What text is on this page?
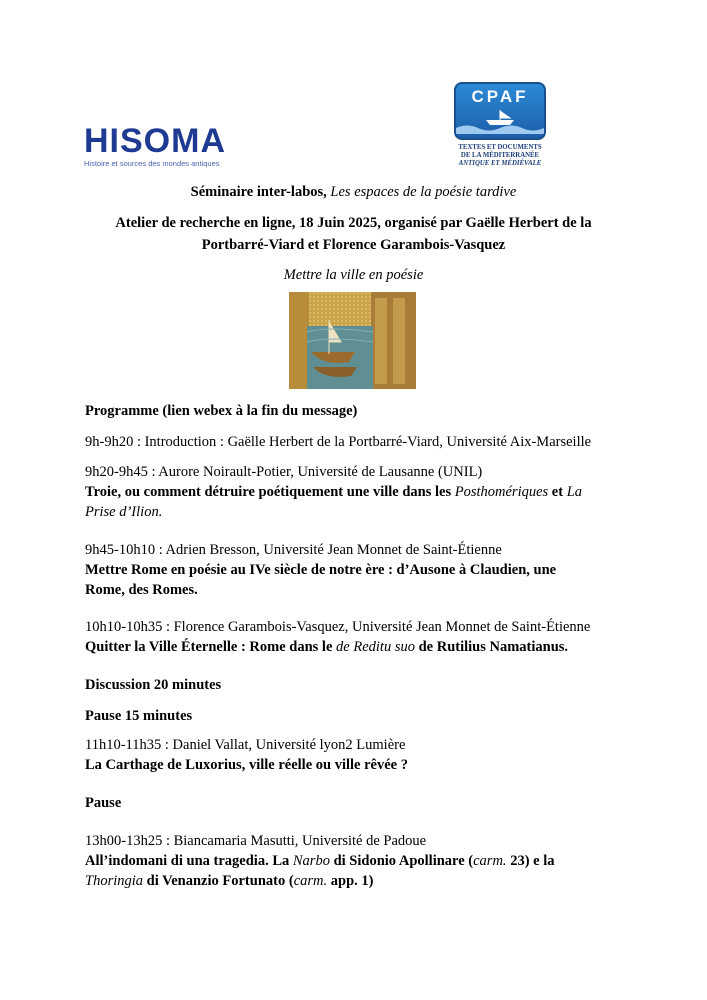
HISOMA
Histoire et sources des mondes antiques
CPAF
TEXTES ET DOCUMENTS
DE LA MÉDITERRANÉE
ANTIQUE ET MÉDIÉVALE
Séminaire inter-labos, Les espaces de la poésie tardive
Atelier de recherche en ligne, 18 Juin 2025, organisé par Gaëlle Herbert de la
Portbarré-Viard et Florence Garambois-Vasquez
Mettre la ville en poésie
Programme (lien webex à la fin du message)
9h-9h20 : Introduction : Gaëlle Herbert de la Portbarré-Viard, Université Aix-Marseille
9h20-9h45 : Aurore Noirault-Potier, Université de Lausanne (UNIL)
Troie, ou comment détruire poétiquement une ville dans les Posthomériques et La
Prise d’Ilion.
9h45-10h10 : Adrien Bresson, Université Jean Monnet de Saint-Étienne
Mettre Rome en poésie au IVe siècle de notre ère : d’Ausone à Claudien, une
Rome, des Romes.
10h10-10h35 : Florence Garambois-Vasquez, Université Jean Monnet de Saint-Étienne
Quitter la Ville Éternelle : Rome dans le de Reditu suo de Rutilius Namatianus.
Discussion 20 minutes
Pause 15 minutes
11h10-11h35 : Daniel Vallat, Université lyon2 Lumière
La Carthage de Luxorius, ville réelle ou ville rêvée ?
Pause
13h00-13h25 : Biancamaria Masutti, Université de Padoue
All’indomani di una tragedia. La Narbo di Sidonio Apollinare (carm. 23) e la
Thoringia di Venanzio Fortunato (carm. app. 1)
